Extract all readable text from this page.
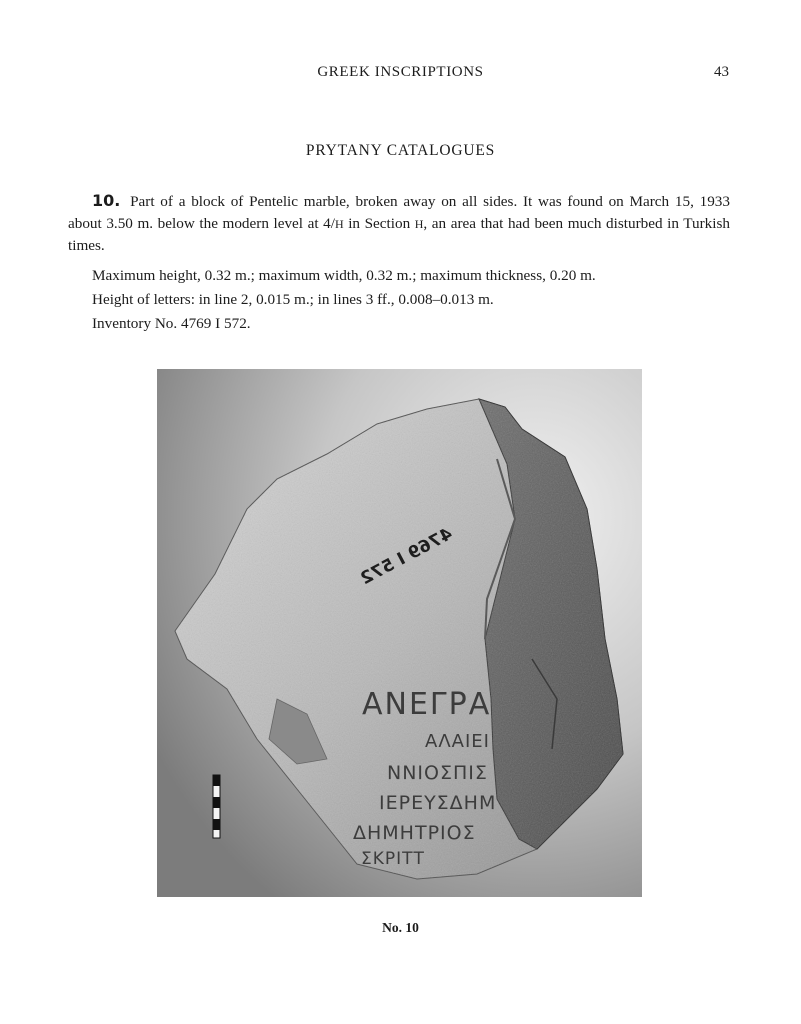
GREEK INSCRIPTIONS	43
PRYTANY CATALOGUES
10. Part of a block of Pentelic marble, broken away on all sides. It was found on March 15, 1933 about 3.50 m. below the modern level at 4/H in Section H, an area that had been much disturbed in Turkish times.
Maximum height, 0.32 m.; maximum width, 0.32 m.; maximum thickness, 0.20 m.
Height of letters: in line 2, 0.015 m.; in lines 3 ff., 0.008–0.013 m.
Inventory No. 4769 I 572.
4769 I 572
ΑΝΕΓΡΑ
ΑΛΑΙΕΙ
ΝΝΙΟΣΠΙΣ
ΙΕΡΕΥΣΔΗΜ
ΔΗΜΗΤΡΙΟΣ
ΣΚΡΙΤΤ
No. 10
